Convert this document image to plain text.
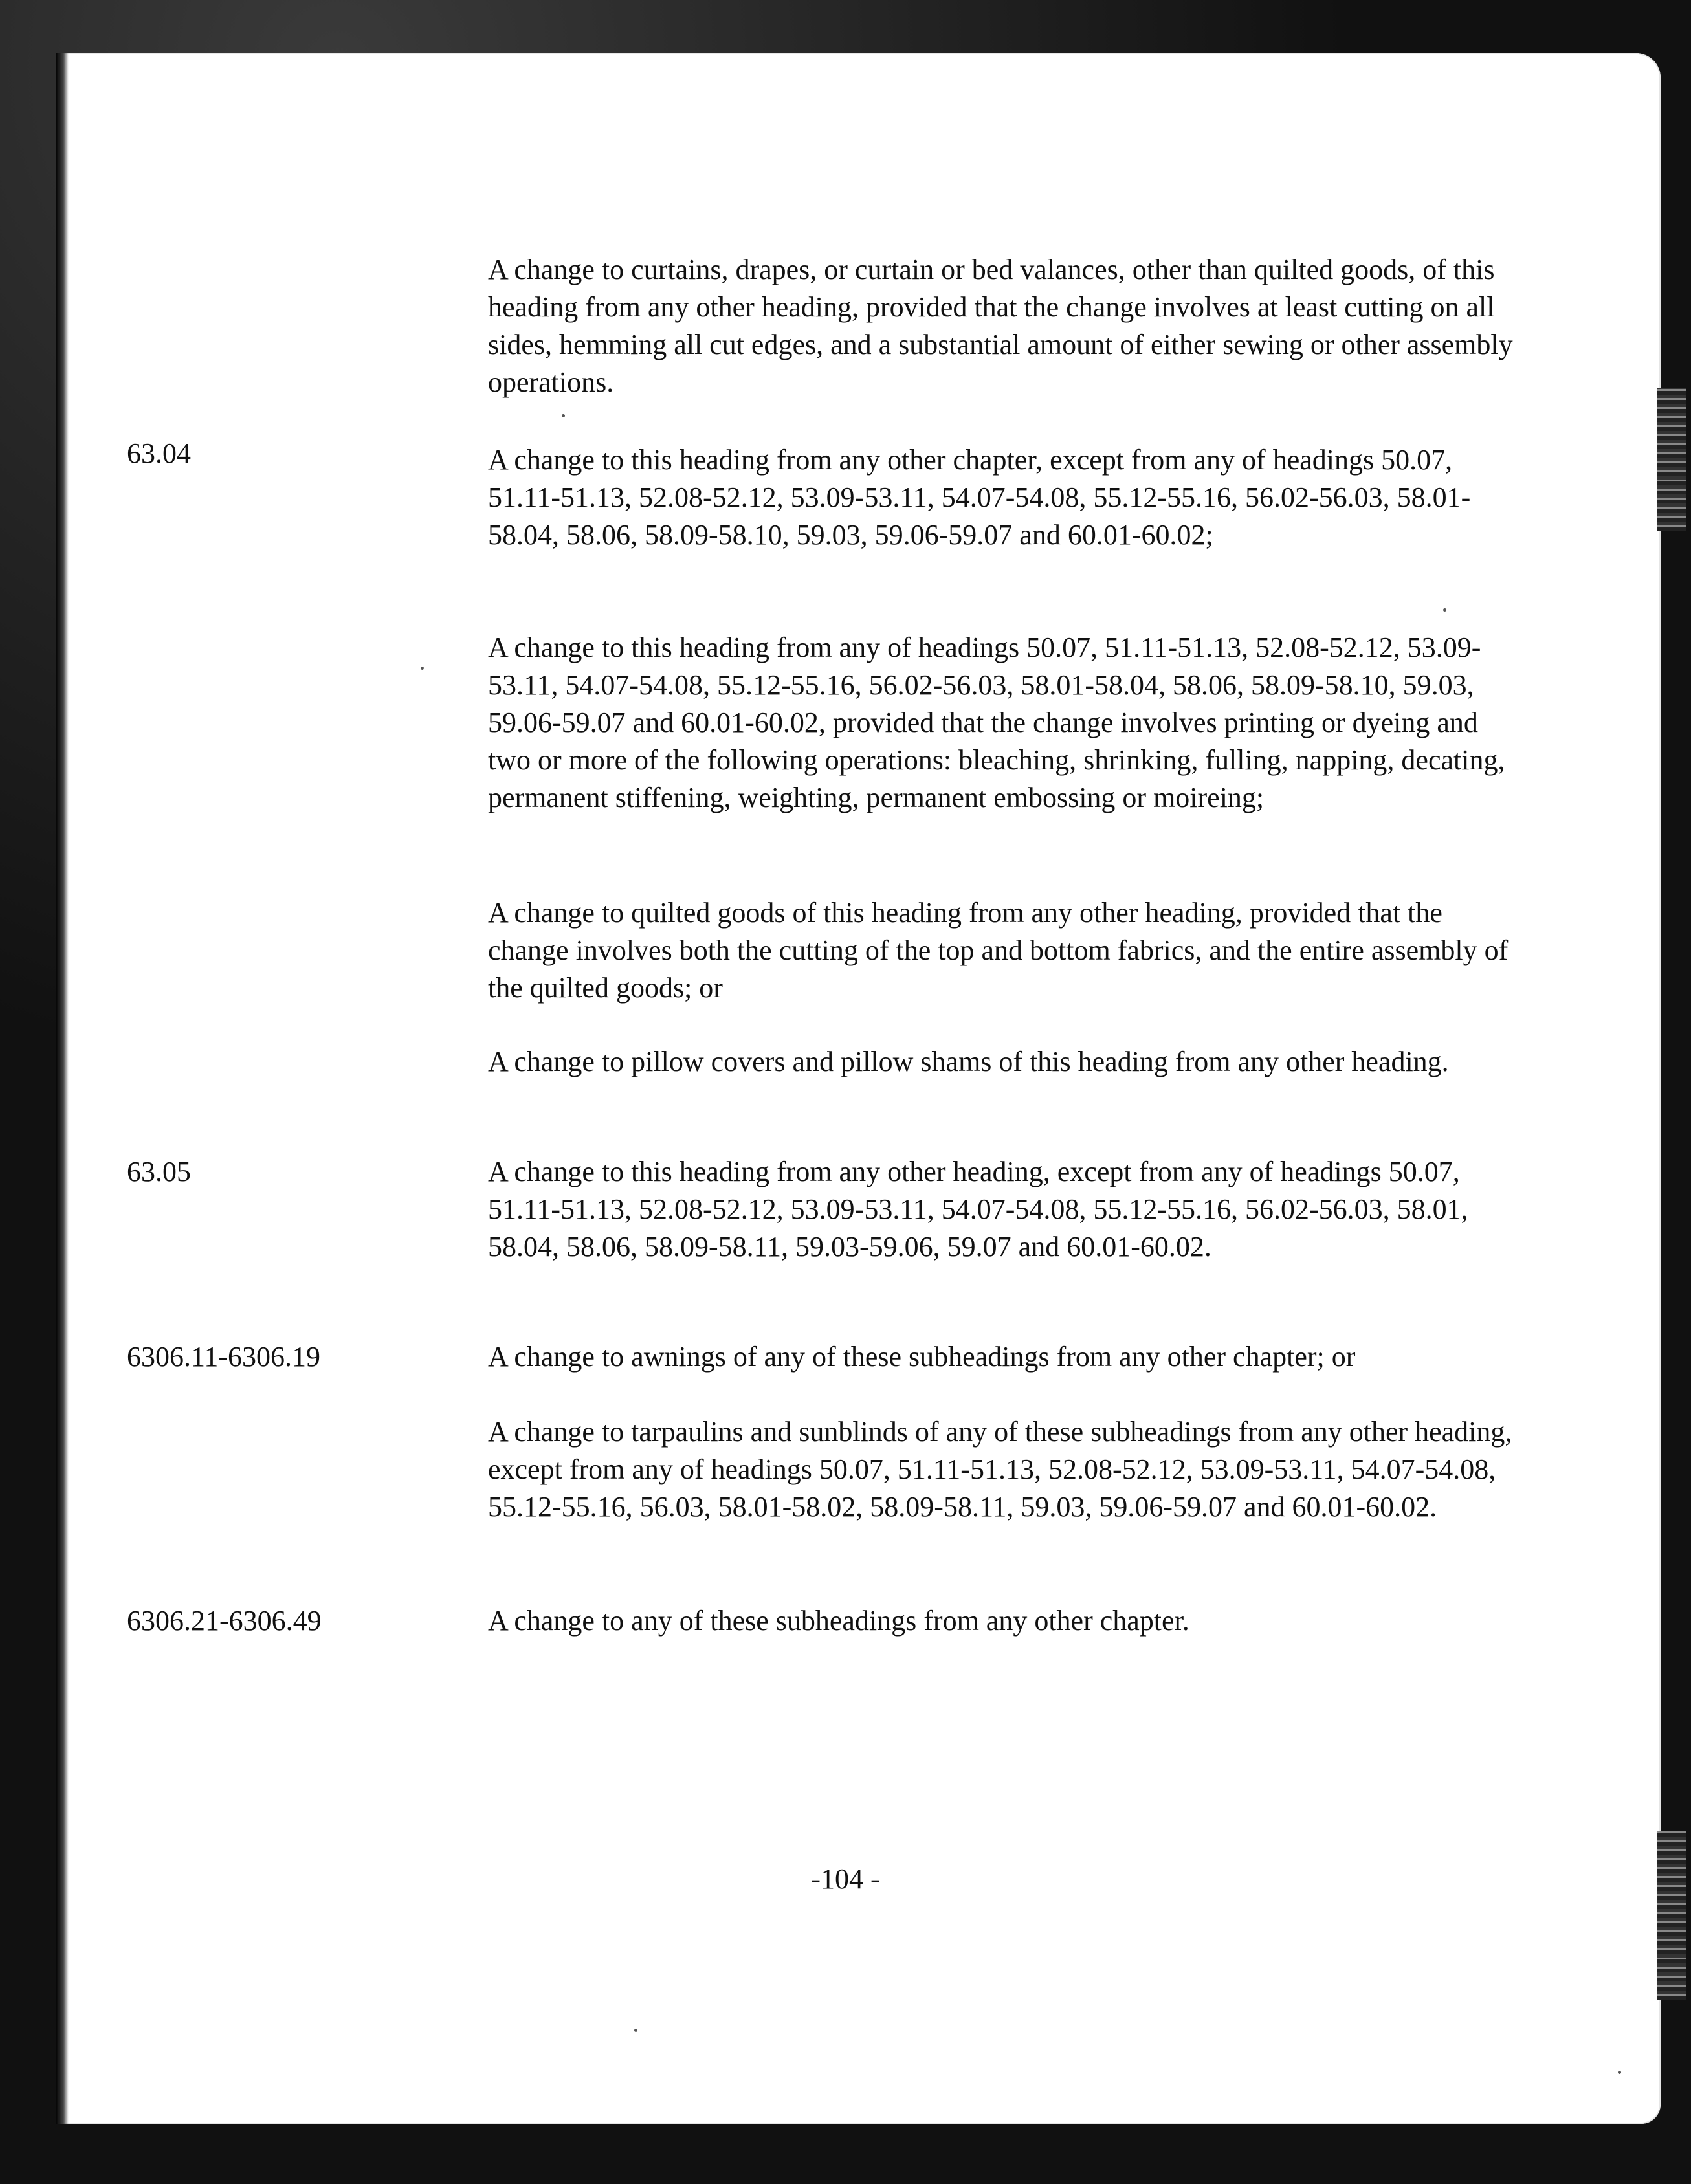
A change to curtains, drapes, or curtain or bed valances, other than quilted goods, of this heading from any other heading, provided that the change involves at least cutting on all sides, hemming all cut edges, and a substantial amount of either sewing or other assembly operations.
63.04	A change to this heading from any other chapter, except from any of headings 50.07, 51.11-51.13, 52.08-52.12, 53.09-53.11, 54.07-54.08, 55.12-55.16, 56.02-56.03, 58.01-58.04, 58.06, 58.09-58.10, 59.03, 59.06-59.07 and 60.01-60.02;
A change to this heading from any of headings 50.07, 51.11-51.13, 52.08-52.12, 53.09-53.11, 54.07-54.08, 55.12-55.16, 56.02-56.03, 58.01-58.04, 58.06, 58.09-58.10, 59.03, 59.06-59.07 and 60.01-60.02, provided that the change involves printing or dyeing and two or more of the following operations: bleaching, shrinking, fulling, napping, decating, permanent stiffening, weighting, permanent embossing or moireing;
A change to quilted goods of this heading from any other heading, provided that the change involves both the cutting of the top and bottom fabrics, and the entire assembly of the quilted goods; or
A change to pillow covers and pillow shams of this heading from any other heading.
63.05	A change to this heading from any other heading, except from any of headings 50.07, 51.11-51.13, 52.08-52.12, 53.09-53.11, 54.07-54.08, 55.12-55.16, 56.02-56.03, 58.01, 58.04, 58.06, 58.09-58.11, 59.03-59.06, 59.07 and 60.01-60.02.
6306.11-6306.19	A change to awnings of any of these subheadings from any other chapter; or
A change to tarpaulins and sunblinds of any of these subheadings from any other heading, except from any of headings 50.07, 51.11-51.13, 52.08-52.12, 53.09-53.11, 54.07-54.08, 55.12-55.16, 56.03, 58.01-58.02, 58.09-58.11, 59.03, 59.06-59.07 and 60.01-60.02.
6306.21-6306.49	A change to any of these subheadings from any other chapter.
-104 -
